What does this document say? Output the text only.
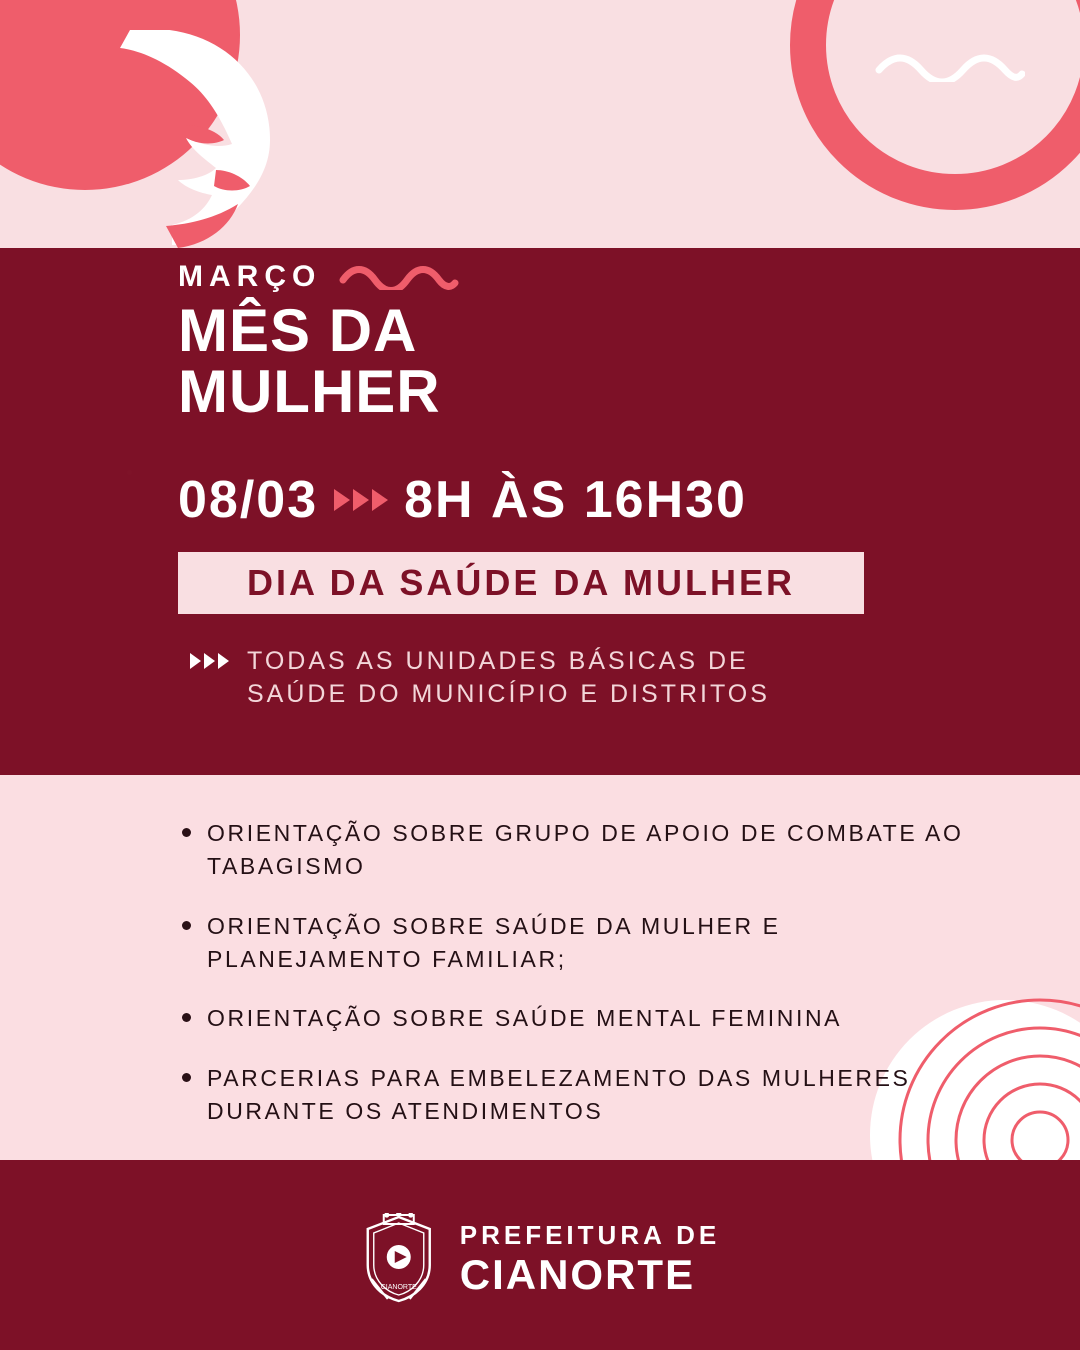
MARÇO
MÊS DA
MULHER
08/03 8H ÀS 16H30
DIA DA SAÚDE DA MULHER
TODAS AS UNIDADES BÁSICAS DE
SAÚDE DO MUNICÍPIO E DISTRITOS
ORIENTAÇÃO SOBRE GRUPO DE APOIO DE COMBATE AO TABAGISMO
ORIENTAÇÃO SOBRE SAÚDE DA MULHER E PLANEJAMENTO FAMILIAR;
ORIENTAÇÃO SOBRE SAÚDE MENTAL FEMININA
PARCERIAS PARA EMBELEZAMENTO DAS MULHERES DURANTE OS ATENDIMENTOS
CIANORTE
PREFEITURA DE
CIANORTE
